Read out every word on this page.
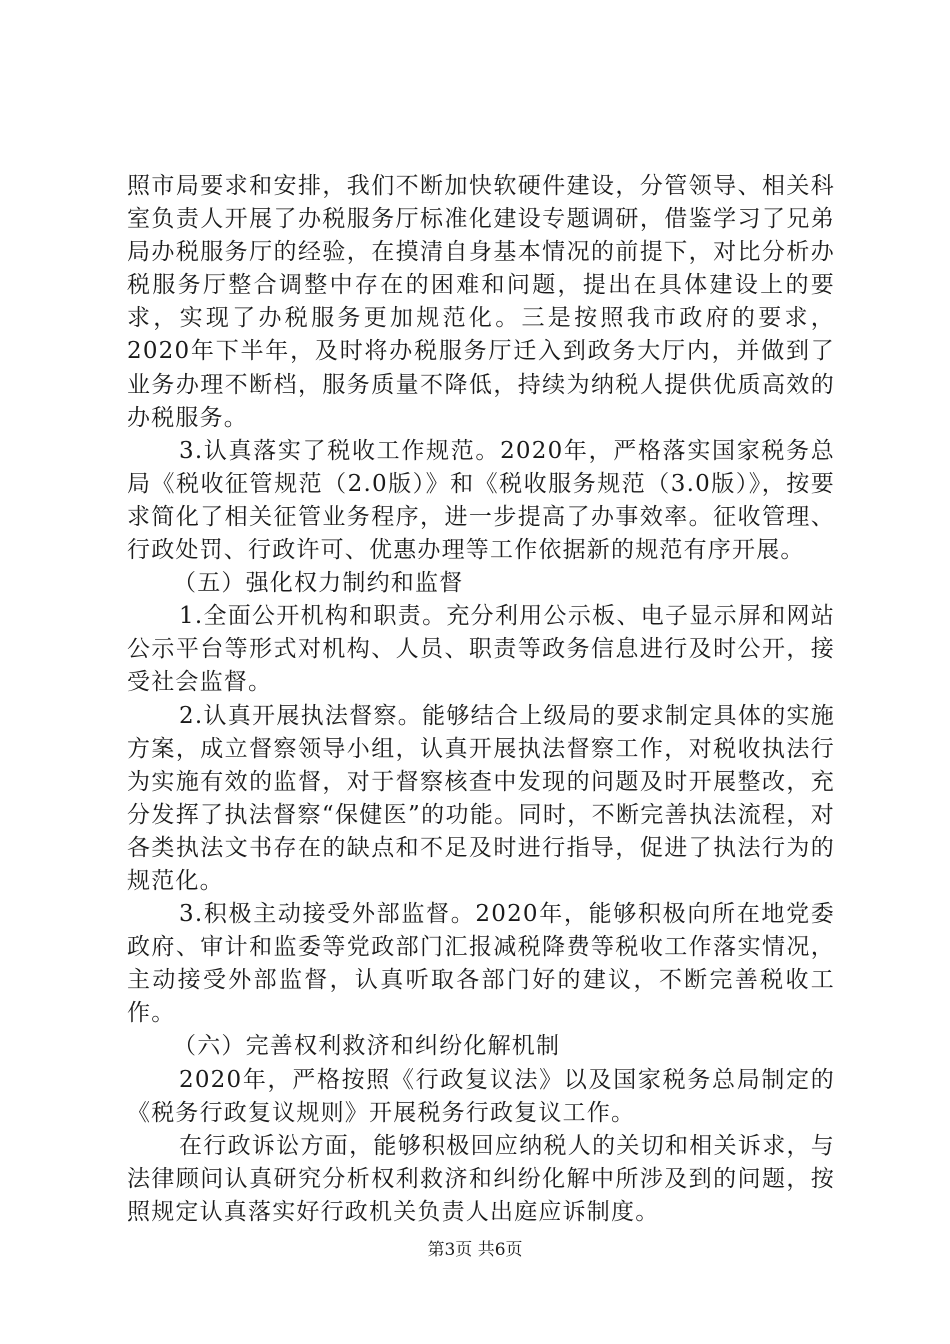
照市局要求和安排，我们不断加快软硬件建设，分管领导、相关科室负责人开展了办税服务厅标准化建设专题调研，借鉴学习了兄弟局办税服务厅的经验，在摸清自身基本情况的前提下，对比分析办税服务厅整合调整中存在的困难和问题，提出在具体建设上的要求，实现了办税服务更加规范化。三是按照我市政府的要求，2020年下半年，及时将办税服务厅迁入到政务大厅内，并做到了业务办理不断档，服务质量不降低，持续为纳税人提供优质高效的办税服务。

3.认真落实了税收工作规范。2020年，严格落实国家税务总局《税收征管规范（2.0版）》和《税收服务规范（3.0版）》，按要求简化了相关征管业务程序，进一步提高了办事效率。征收管理、行政处罚、行政许可、优惠办理等工作依据新的规范有序开展。

（五）强化权力制约和监督

1.全面公开机构和职责。充分利用公示板、电子显示屏和网站公示平台等形式对机构、人员、职责等政务信息进行及时公开，接受社会监督。

2.认真开展执法督察。能够结合上级局的要求制定具体的实施方案，成立督察领导小组，认真开展执法督察工作，对税收执法行为实施有效的监督，对于督察核查中发现的问题及时开展整改，充分发挥了执法督察“保健医”的功能。同时，不断完善执法流程，对各类执法文书存在的缺点和不足及时进行指导，促进了执法行为的规范化。

3.积极主动接受外部监督。2020年，能够积极向所在地党委政府、审计和监委等党政部门汇报减税降费等税收工作落实情况，主动接受外部监督，认真听取各部门好的建议，不断完善税收工作。

（六）完善权利救济和纠纷化解机制

2020年，严格按照《行政复议法》以及国家税务总局制定的《税务行政复议规则》开展税务行政复议工作。

在行政诉讼方面，能够积极回应纳税人的关切和相关诉求，与法律顾问认真研究分析权利救济和纠纷化解中所涉及到的问题，按照规定认真落实好行政机关负责人出庭应诉制度。

第3页 共6页
